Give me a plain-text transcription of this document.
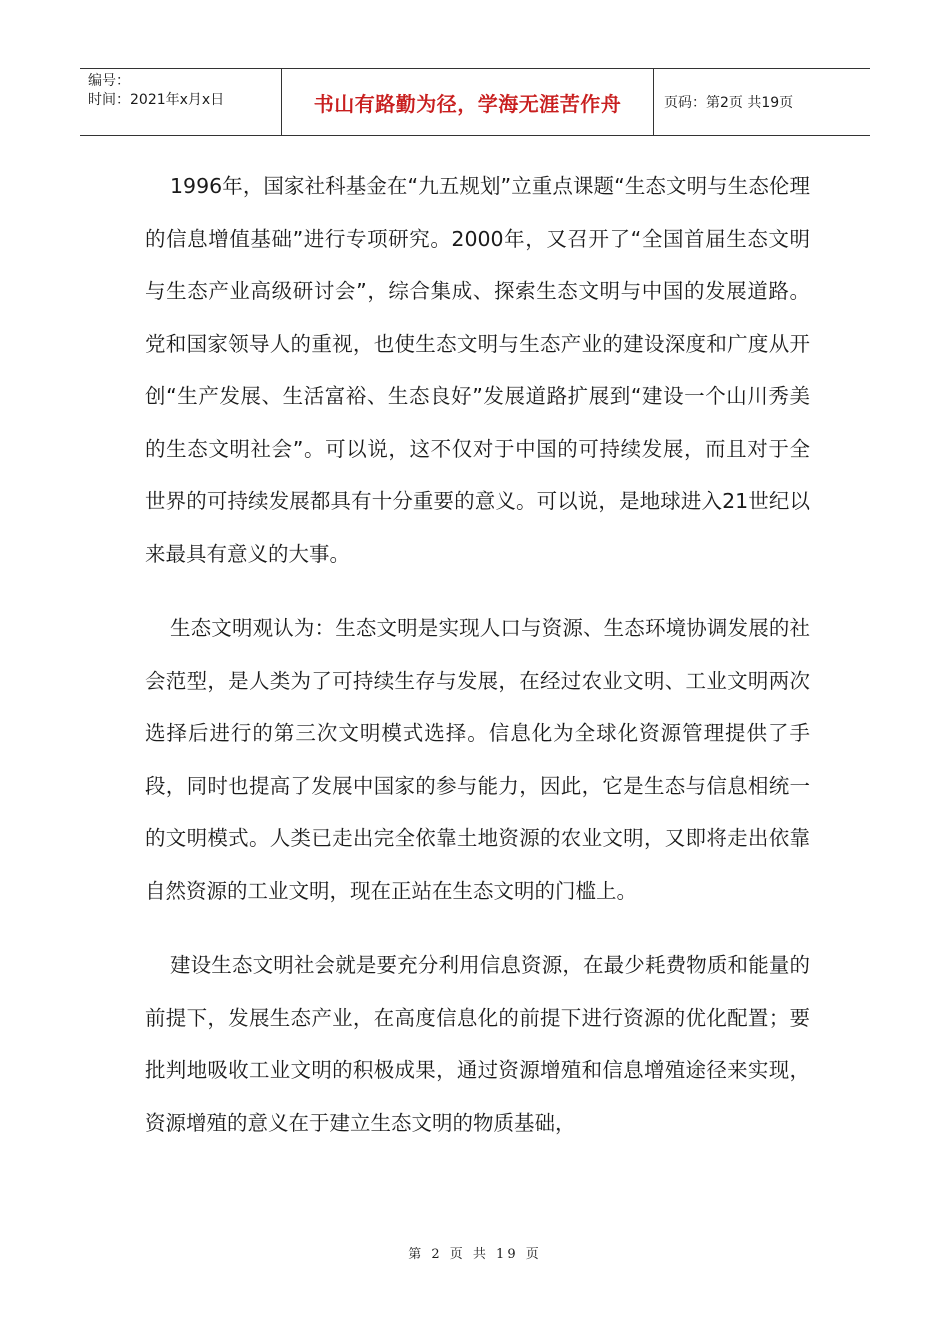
编号：
时间：2021年x月x日	书山有路勤为径，学海无涯苦作舟	页码：第2页 共19页

1996年，国家社科基金在“九五规划”立重点课题“生态文明与生态伦理的信息增值基础”进行专项研究。2000年，又召开了“全国首届生态文明与生态产业高级研讨会”，综合集成、探索生态文明与中国的发展道路。党和国家领导人的重视，也使生态文明与生态产业的建设深度和广度从开创“生产发展、生活富裕、生态良好”发展道路扩展到“建设一个山川秀美的生态文明社会”。可以说，这不仅对于中国的可持续发展，而且对于全世界的可持续发展都具有十分重要的意义。可以说，是地球进入21世纪以来最具有意义的大事。

生态文明观认为：生态文明是实现人口与资源、生态环境协调发展的社会范型，是人类为了可持续生存与发展，在经过农业文明、工业文明两次选择后进行的第三次文明模式选择。信息化为全球化资源管理提供了手段，同时也提高了发展中国家的参与能力，因此，它是生态与信息相统一的文明模式。人类已走出完全依靠土地资源的农业文明，又即将走出依靠自然资源的工业文明，现在正站在生态文明的门槛上。

建设生态文明社会就是要充分利用信息资源，在最少耗费物质和能量的前提下，发展生态产业，在高度信息化的前提下进行资源的优化配置；要批判地吸收工业文明的积极成果，通过资源增殖和信息增殖途径来实现，资源增殖的意义在于建立生态文明的物质基础，

第 2 页 共 19 页
